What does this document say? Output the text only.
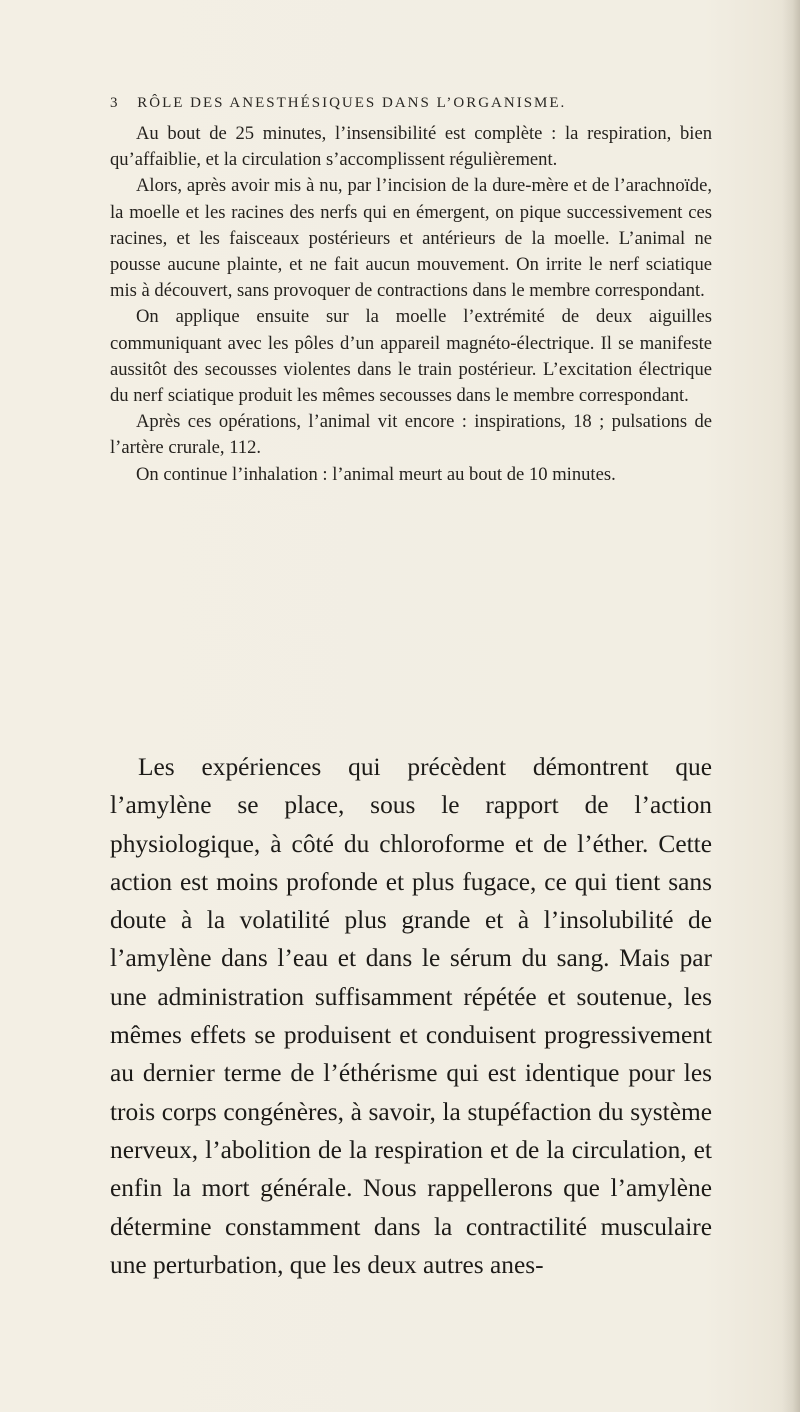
3 RÔLE DES ANESTHÉSIQUES DANS L’ORGANISME.

Au bout de 25 minutes, l’insensibilité est complète : la respiration, bien qu’affaiblie, et la circulation s’accomplissent régulièrement.

Alors, après avoir mis à nu, par l’incision de la dure-mère et de l’arachnoïde, la moelle et les racines des nerfs qui en émergent, on pique successivement ces racines, et les faisceaux postérieurs et antérieurs de la moelle. L’animal ne pousse aucune plainte, et ne fait aucun mouvement. On irrite le nerf sciatique mis à découvert, sans provoquer de contractions dans le membre correspondant.

On applique ensuite sur la moelle l’extrémité de deux aiguilles communiquant avec les pôles d’un appareil magnéto-électrique. Il se manifeste aussitôt des secousses violentes dans le train postérieur. L’excitation électrique du nerf sciatique produit les mêmes secousses dans le membre correspondant.

Après ces opérations, l’animal vit encore : inspirations, 18 ; pulsations de l’artère crurale, 112.

On continue l’inhalation : l’animal meurt au bout de 10 minutes.

Les expériences qui précèdent démontrent que l’amylène se place, sous le rapport de l’action physiologique, à côté du chloroforme et de l’éther. Cette action est moins profonde et plus fugace, ce qui tient sans doute à la volatilité plus grande et à l’insolubilité de l’amylène dans l’eau et dans le sérum du sang. Mais par une administration suffisamment répétée et soutenue, les mêmes effets se produisent et conduisent progressivement au dernier terme de l’éthérisme qui est identique pour les trois corps congénères, à savoir, la stupéfaction du système nerveux, l’abolition de la respiration et de la circulation, et enfin la mort générale. Nous rappellerons que l’amylène détermine constamment dans la contractilité musculaire une perturbation, que les deux autres anes-
